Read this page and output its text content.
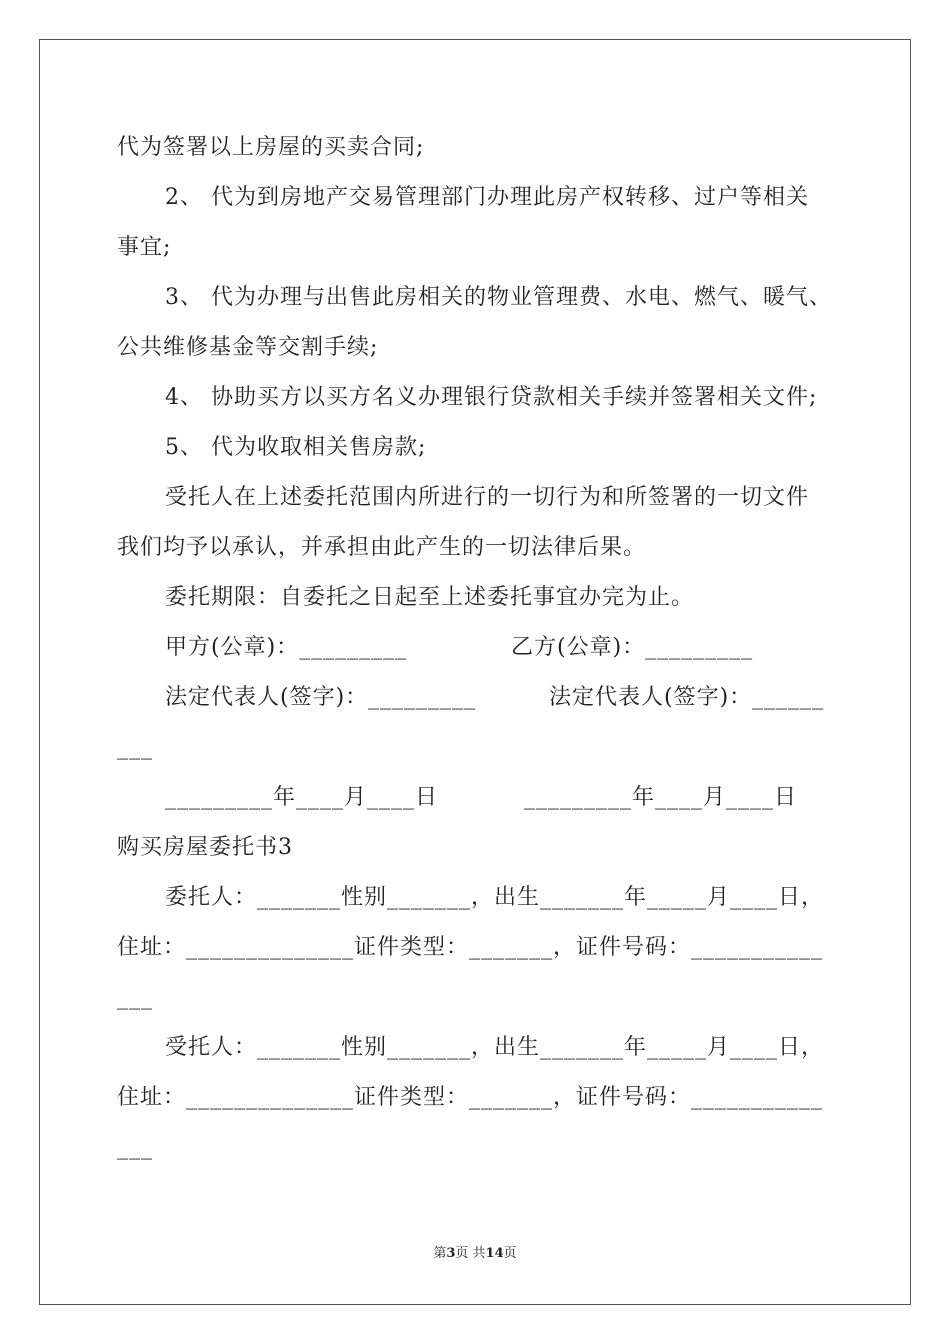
代为签署以上房屋的买卖合同;
2、 代为到房地产交易管理部门办理此房产权转移、过户等相关
事宜;
3、 代为办理与出售此房相关的物业管理费、水电、燃气、暖气、
公共维修基金等交割手续;
4、 协助买方以买方名义办理银行贷款相关手续并签署相关文件;
5、 代为收取相关售房款;
受托人在上述委托范围内所进行的一切行为和所签署的一切文件
我们均予以承认，并承担由此产生的一切法律后果。
委托期限：自委托之日起至上述委托事宜办完为止。
甲方(公章)：_________	乙方(公章)：_________
法定代表人(签字)：_________	法定代表人(签字)：______
___
_________年____月____日	_________年____月____日
购买房屋委托书3
委托人：_______性别_______，出生_______年_____月____日，
住址：______________证件类型：_______，证件号码：___________
___
受托人：_______性别_______，出生_______年_____月____日，
住址：______________证件类型：_______，证件号码：___________
___
第3页 共14页
